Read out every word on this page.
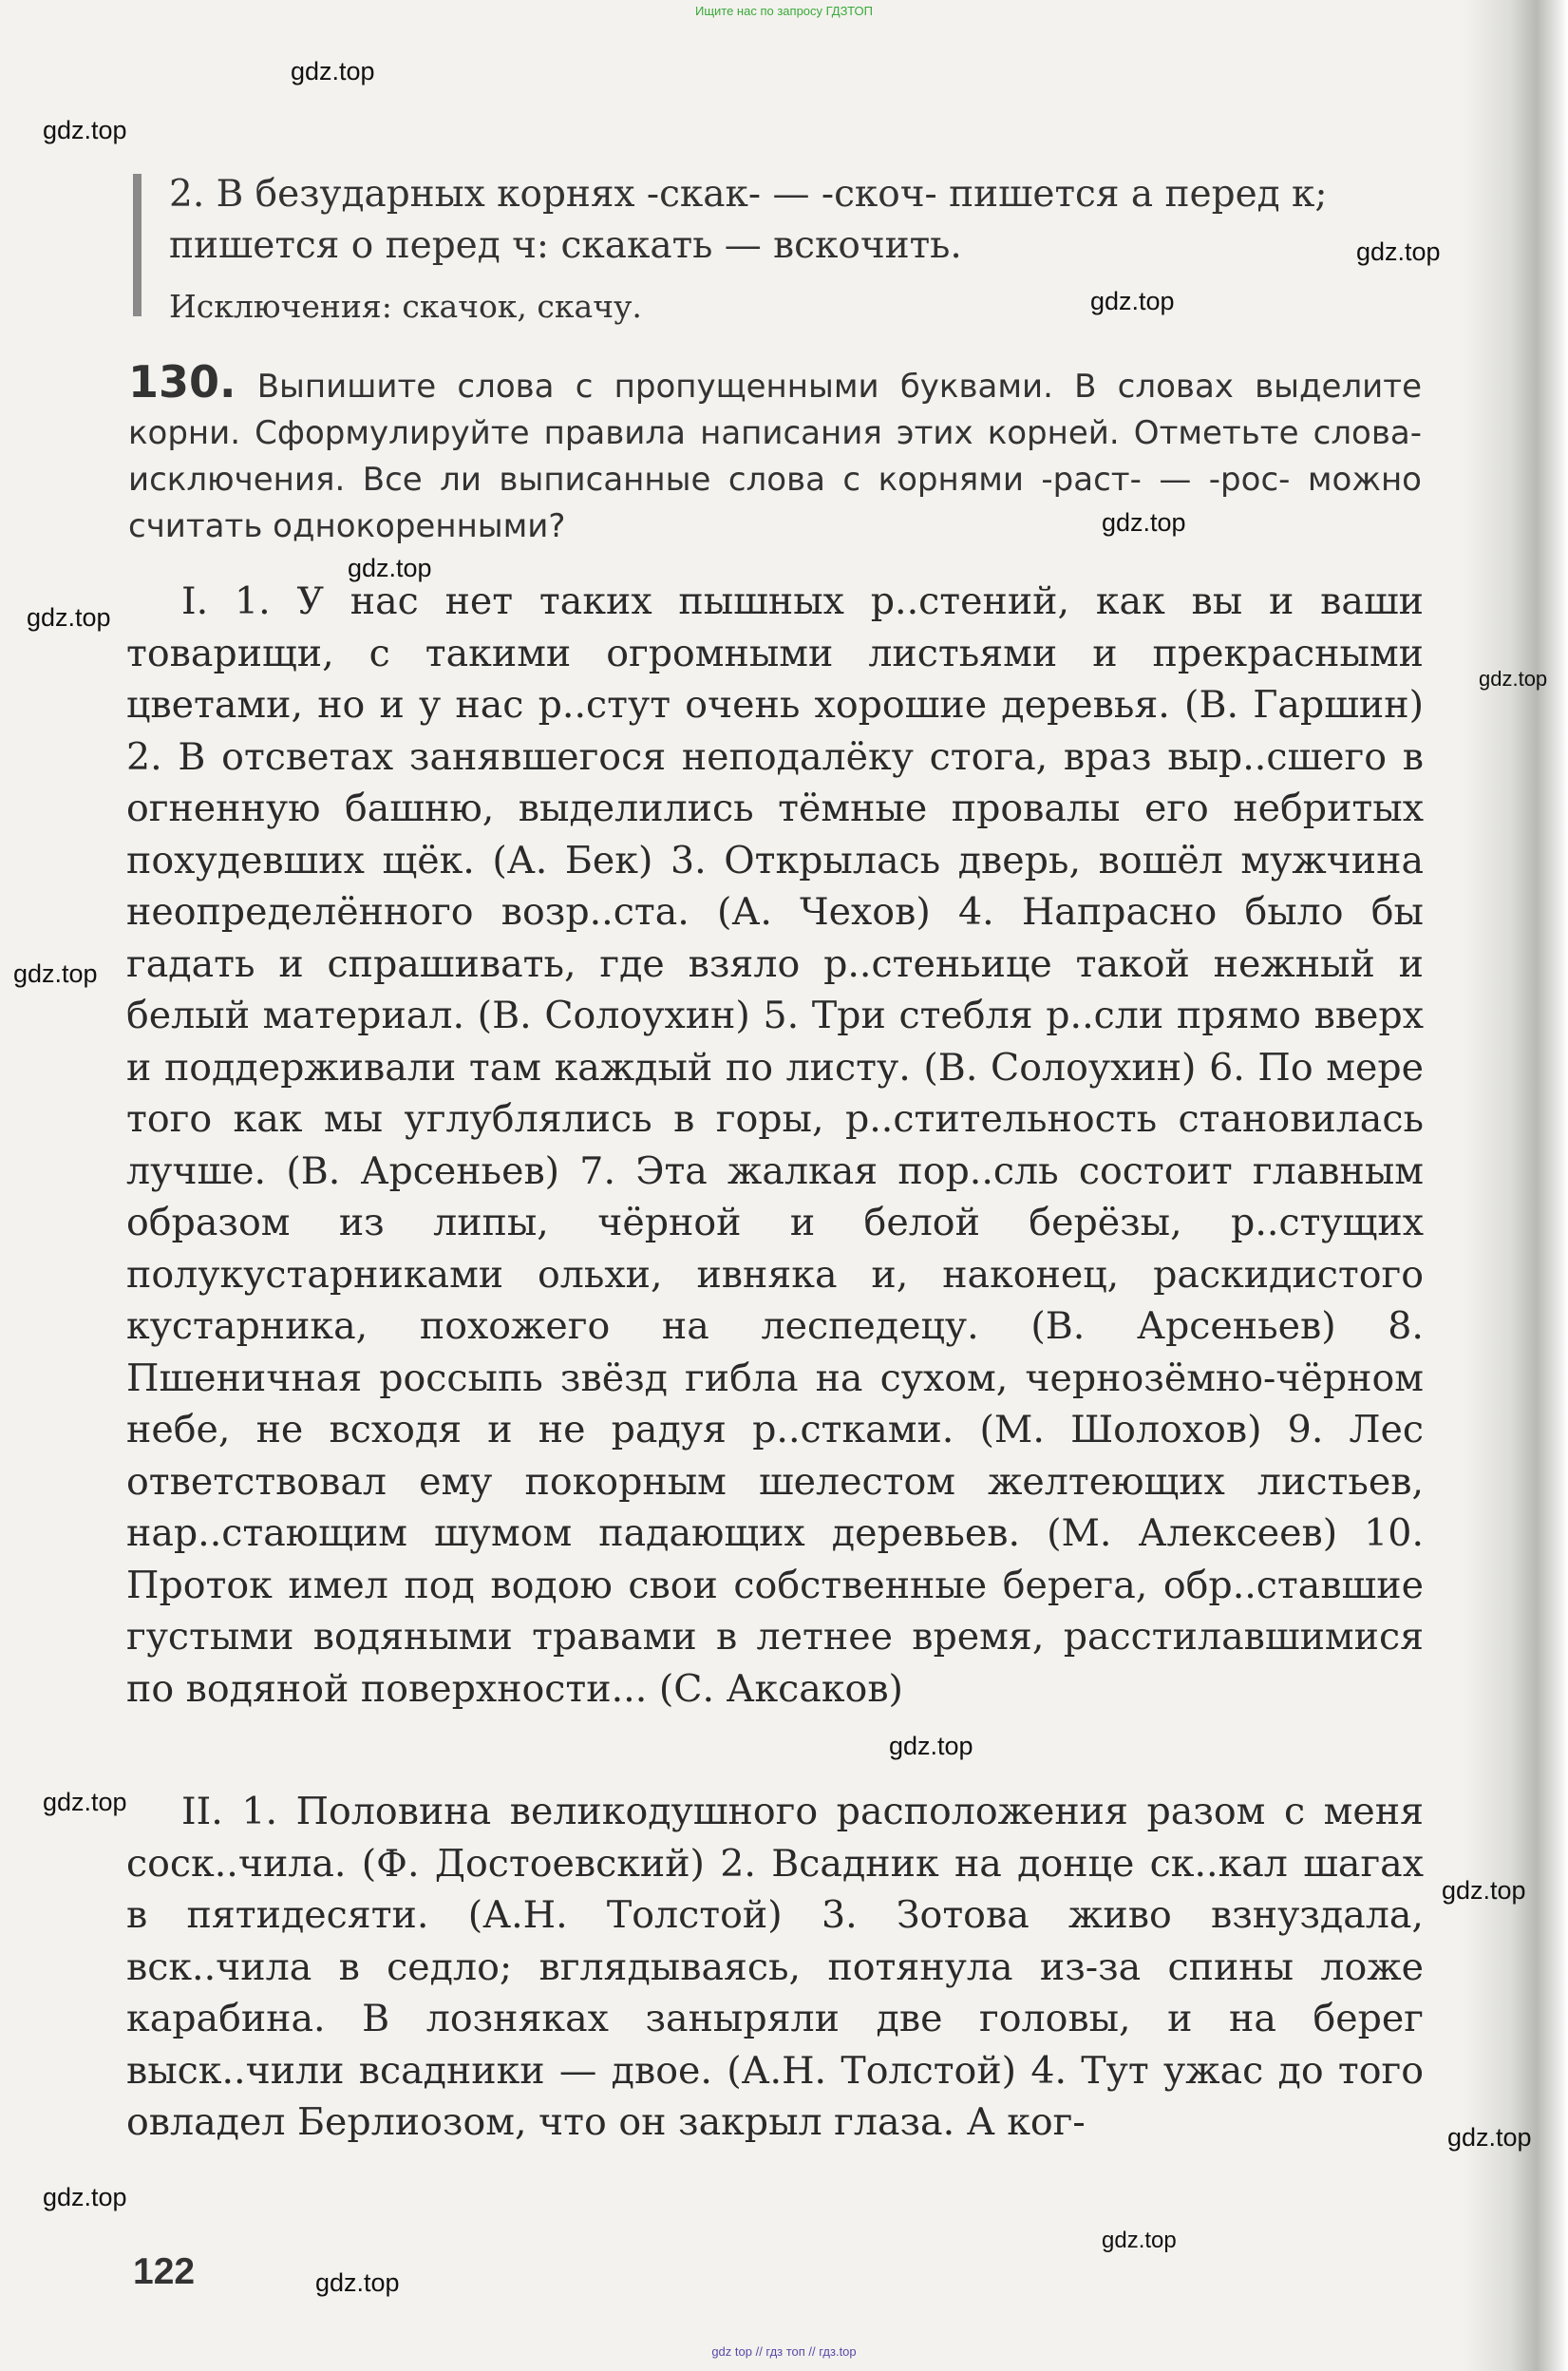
Ищите нас по запросу ГДЗТОП
gdz.top
gdz.top
gdz.top
gdz.top
gdz.top
gdz.top
gdz.top
gdz.top
gdz.top
gdz.top
gdz.top
gdz.top
gdz.top
gdz.top
gdz.top
gdz.top
2. В безударных корнях -скак- — -скоч- пишется а перед к; пишется о перед ч: скакать — вскочить.
Исключения: скачок, скачу.
130. Выпишите слова с пропущенными буквами. В словах выделите корни. Сформулируйте правила написания этих корней. Отметьте слова-исключения. Все ли выписанные слова с корнями -раст- — -рос- можно считать однокоренными?

I. 1. У нас нет таких пышных р..стений, как вы и ваши товарищи, с такими огромными листьями и прекрасными цветами, но и у нас р..стут очень хорошие деревья. (В. Гаршин) 2. В отсветах занявшегося неподалёку стога, враз выр..сшего в огненную башню, выделились тёмные провалы его небритых похудевших щёк. (А. Бек) 3. Открылась дверь, вошёл мужчина неопределённого возр..ста. (А. Чехов) 4. Напрасно было бы гадать и спрашивать, где взяло р..стеньице такой нежный и белый материал. (В. Солоухин) 5. Три стебля р..сли прямо вверх и поддерживали там каждый по листу. (В. Солоухин) 6. По мере того как мы углублялись в горы, р..стительность становилась лучше. (В. Арсеньев) 7. Эта жалкая пор..сль состоит главным образом из липы, чёрной и белой берёзы, р..стущих полукустарниками ольхи, ивняка и, наконец, раскидистого кустарника, похожего на леспедецу. (В. Арсеньев) 8. Пшеничная россыпь звёзд гибла на сухом, чернозёмно-чёрном небе, не всходя и не радуя р..стками. (М. Шолохов) 9. Лес ответствовал ему покорным шелестом желтеющих листьев, нар..стающим шумом падающих деревьев. (М. Алексеев) 10. Проток имел под водою свои собственные берега, обр..ставшие густыми водяными травами в летнее время, расстилавшимися по водяной поверхности... (С. Аксаков)

II. 1. Половина великодушного расположения разом с меня соск..чила. (Ф. Достоевский) 2. Всадник на донце ск..кал шагах в пятидесяти. (А.Н. Толстой) 3. Зотова живо взнуздала, вск..чила в седло; вглядываясь, потянула из-за спины ложе карабина. В лозняках заныряли две головы, и на берег выск..чили всадники — двое. (А.Н. Толстой) 4. Тут ужас до того овладел Берлиозом, что он закрыл глаза. А ког-

122
gdz top // гдз топ // гдз.top
